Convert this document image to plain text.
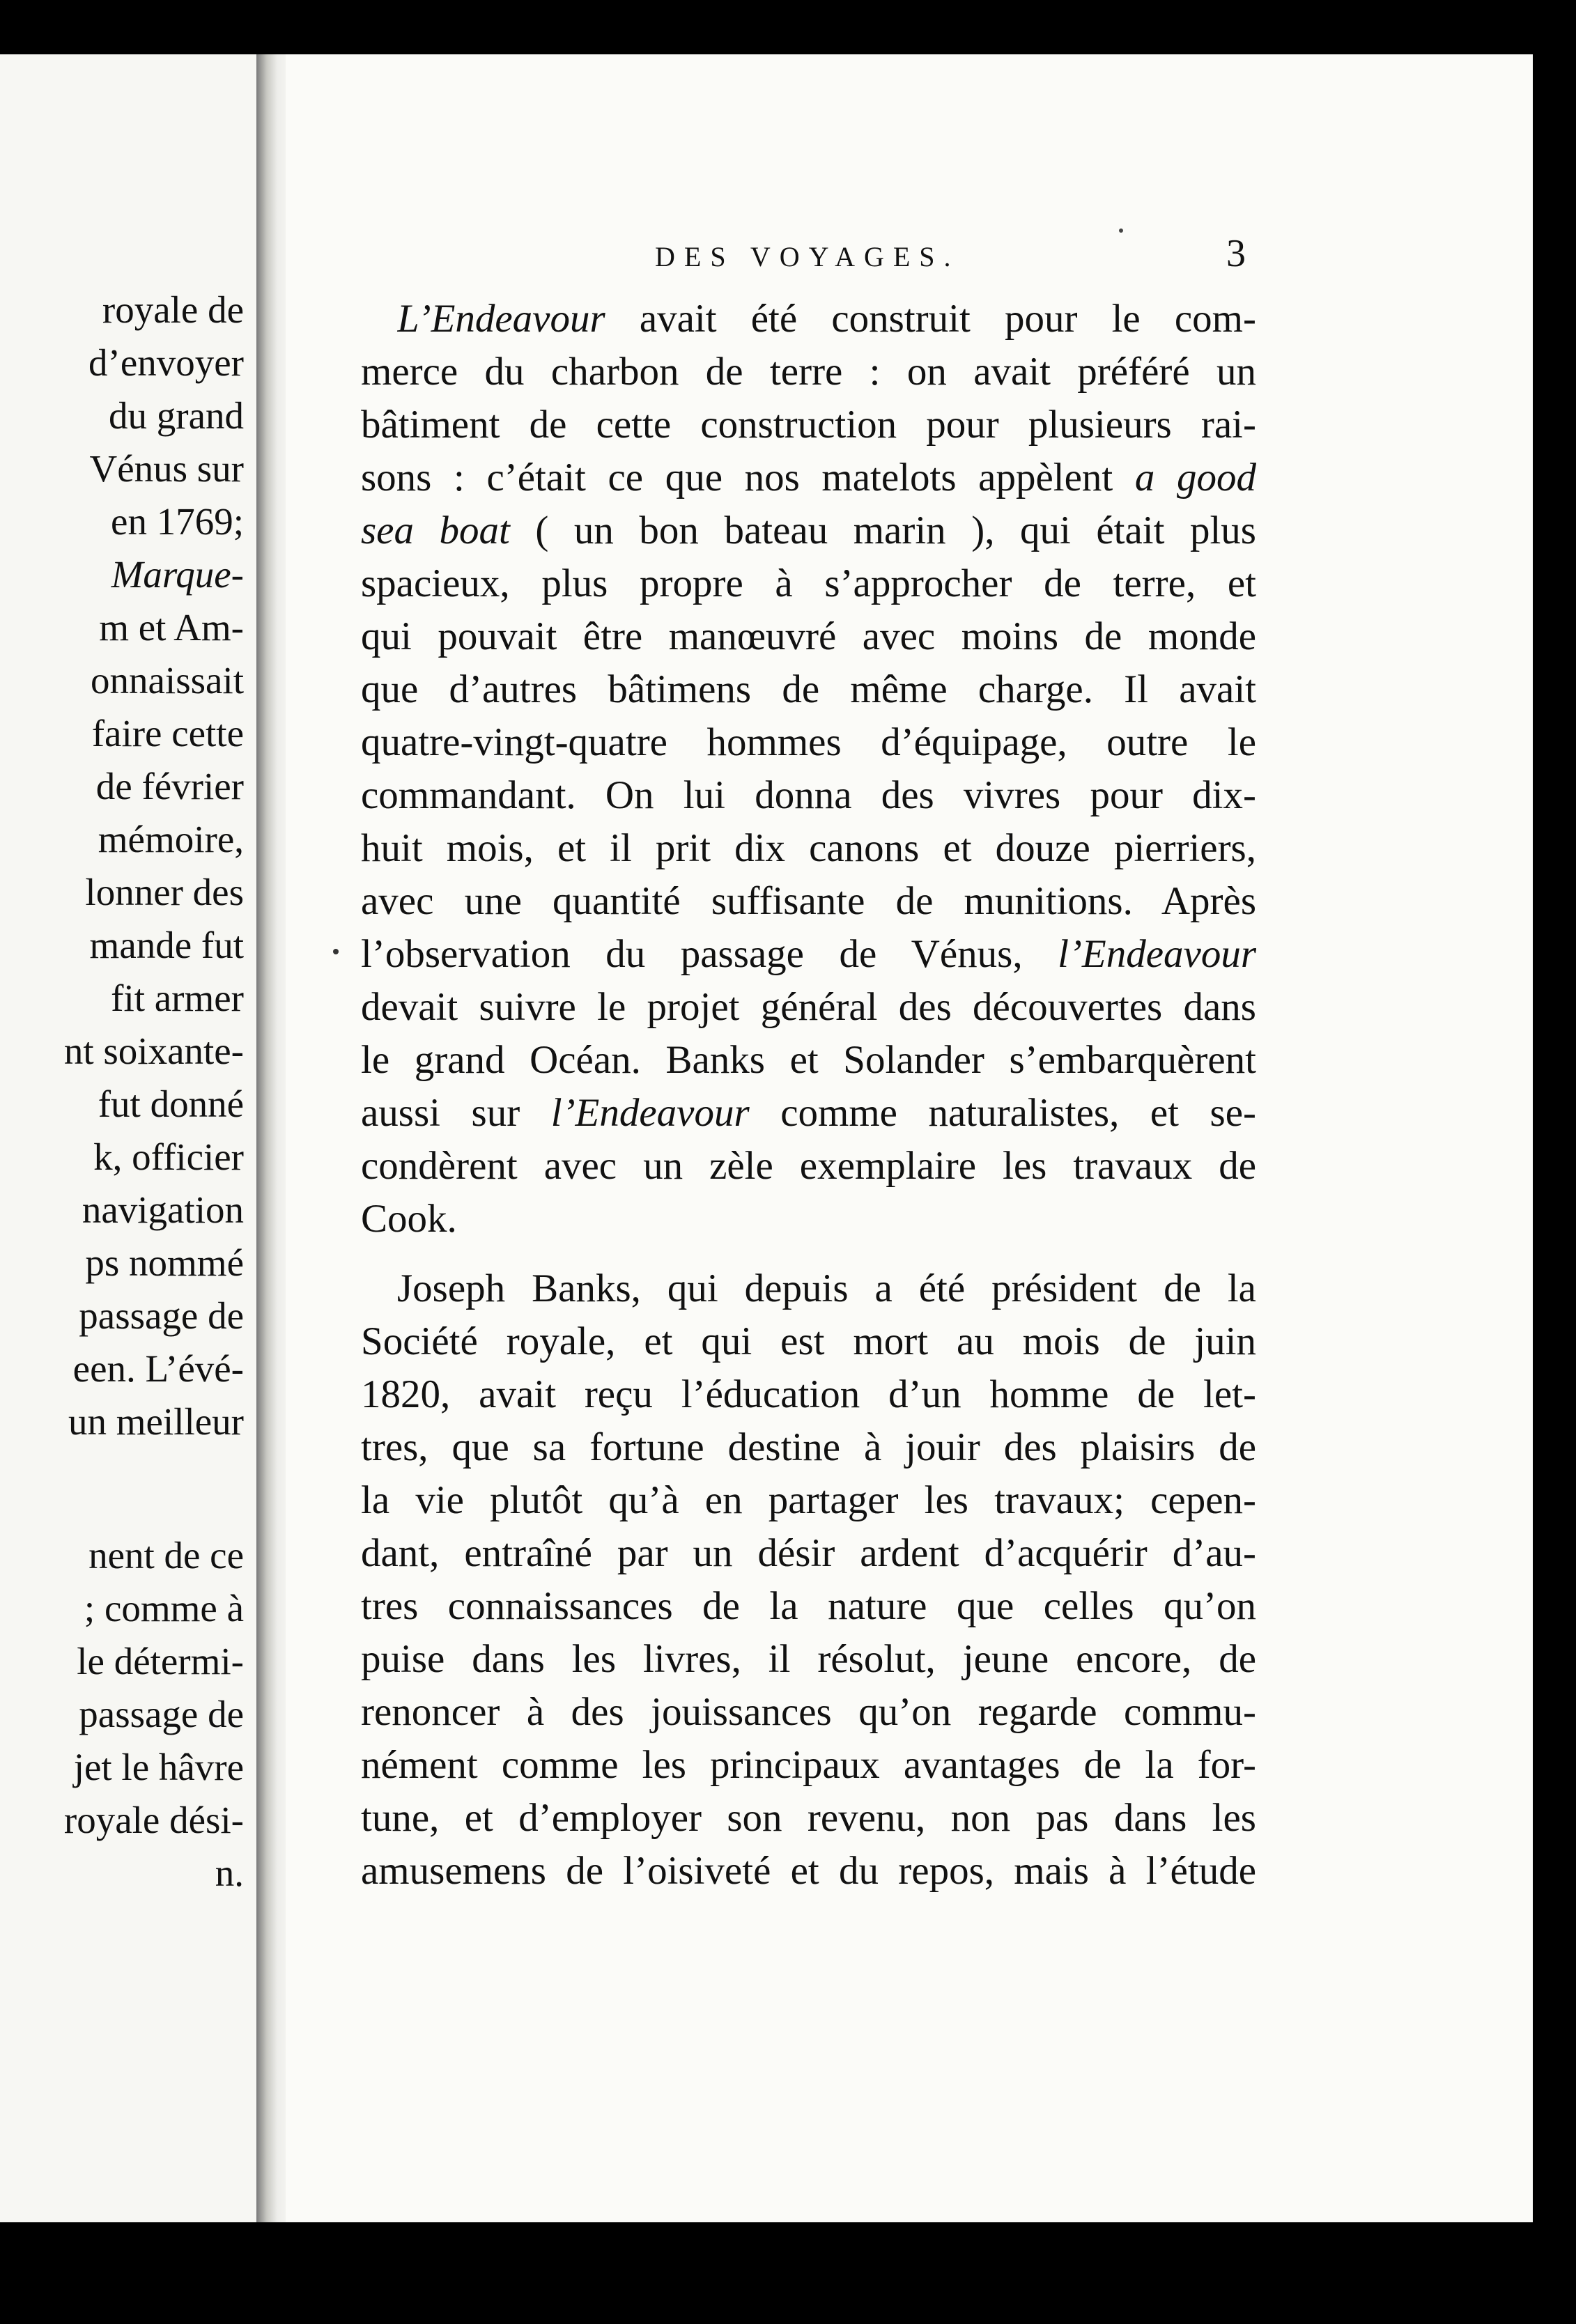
royale de
d’envoyer
du grand
Vénus sur
en 1769;
Marque-
m et Am-
onnaissait
faire cette
de février
mémoire,
lonner des
mande fut
fit armer
nt soixante-
fut donné
k, officier
navigation
ps nommé
passage de
een. L’évé-
un meilleur
nent de ce
; comme à
le détermi-
passage de
jet le hâvre
royale dési-
n.
DES VOYAGES.	3
L’Endeavour avait été construit pour le com-
merce du charbon de terre : on avait préféré un
bâtiment de cette construction pour plusieurs rai-
sons : c’était ce que nos matelots appèlent a good
sea boat ( un bon bateau marin ), qui était plus
spacieux, plus propre à s’approcher de terre, et
qui pouvait être manœuvré avec moins de monde
que d’autres bâtimens de même charge. Il avait
quatre-vingt-quatre hommes d’équipage, outre le
commandant. On lui donna des vivres pour dix-
huit mois, et il prit dix canons et douze pierriers,
avec une quantité suffisante de munitions. Après
l’observation du passage de Vénus, l’Endeavour
devait suivre le projet général des découvertes dans
le grand Océan. Banks et Solander s’embarquèrent
aussi sur l’Endeavour comme naturalistes, et se-
condèrent avec un zèle exemplaire les travaux de
Cook.
Joseph Banks, qui depuis a été président de la
Société royale, et qui est mort au mois de juin
1820, avait reçu l’éducation d’un homme de let-
tres, que sa fortune destine à jouir des plaisirs de
la vie plutôt qu’à en partager les travaux; cepen-
dant, entraîné par un désir ardent d’acquérir d’au-
tres connaissances de la nature que celles qu’on
puise dans les livres, il résolut, jeune encore, de
renoncer à des jouissances qu’on regarde commu-
nément comme les principaux avantages de la for-
tune, et d’employer son revenu, non pas dans les
amusemens de l’oisiveté et du repos, mais à l’étude
